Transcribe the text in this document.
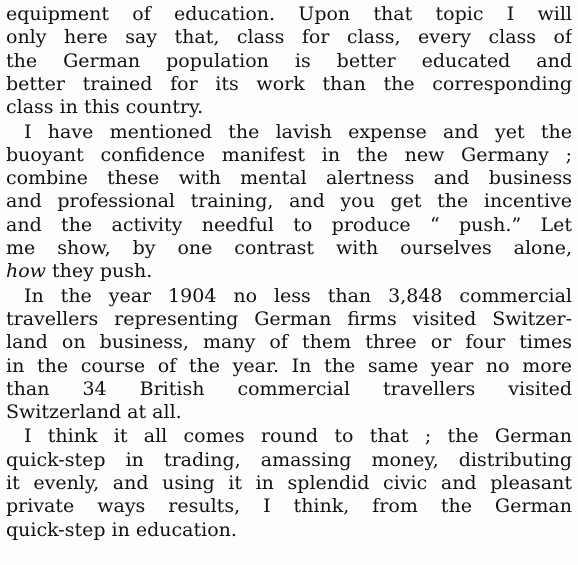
equipment of education. Upon that topic I will
only here say that, class for class, every class of
the German population is better educated and
better trained for its work than the corresponding
class in this country.
I have mentioned the lavish expense and yet the
buoyant confidence manifest in the new Germany ;
combine these with mental alertness and business
and professional training, and you get the incentive
and the activity needful to produce “ push.” Let
me show, by one contrast with ourselves alone,
how they push.
In the year 1904 no less than 3,848 commercial
travellers representing German firms visited Switzer-
land on business, many of them three or four times
in the course of the year. In the same year no more
than 34 British commercial travellers visited
Switzerland at all.
I think it all comes round to that ; the German
quick-step in trading, amassing money, distributing
it evenly, and using it in splendid civic and pleasant
private ways results, I think, from the German
quick-step in education.
